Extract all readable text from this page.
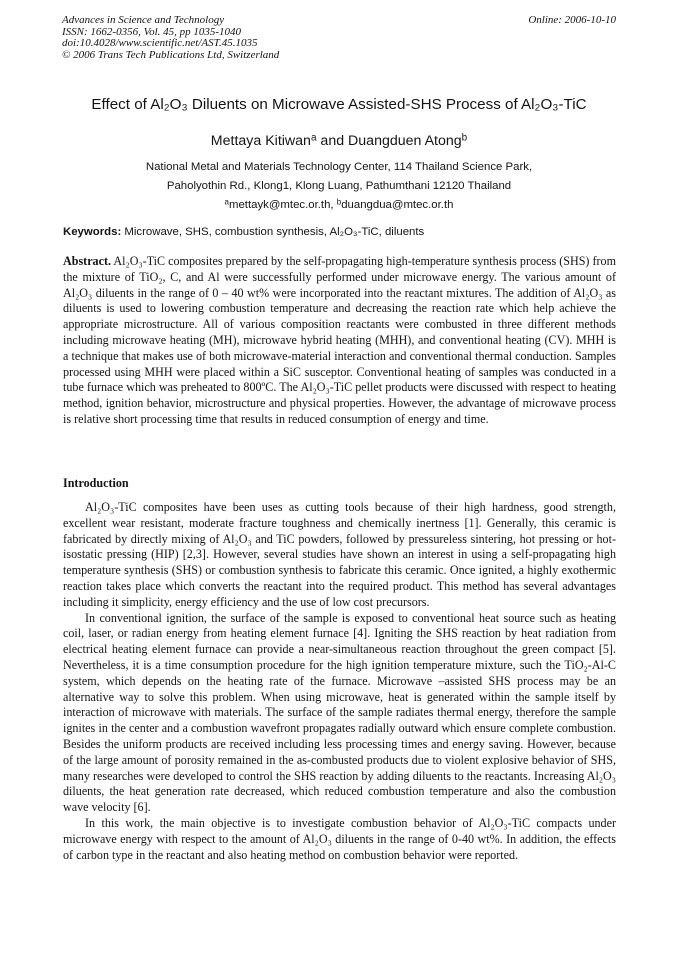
Advances in Science and Technology
ISSN: 1662-0356, Vol. 45, pp 1035-1040
doi:10.4028/www.scientific.net/AST.45.1035
© 2006 Trans Tech Publications Ltd, Switzerland
Online: 2006-10-10
Effect of Al₂O₃ Diluents on Microwave Assisted-SHS Process of Al₂O₃-TiC
Mettaya Kitiwan$^a$ and Duangduen Atong$^b$
National Metal and Materials Technology Center, 114 Thailand Science Park,
Paholyothin Rd., Klong1, Klong Luang, Pathumthani 12120 Thailand
$^a$mettayk@mtec.or.th, $^b$duangdua@mtec.or.th
Keywords: Microwave, SHS, combustion synthesis, Al₂O₃-TiC, diluents

Abstract. Al₂O₃-TiC composites prepared by the self-propagating high-temperature synthesis process (SHS) from the mixture of TiO₂, C, and Al were successfully performed under microwave energy. The various amount of Al₂O₃ diluents in the range of 0 – 40 wt% were incorporated into the reactant mixtures. The addition of Al₂O₃ as diluents is used to lowering combustion temperature and decreasing the reaction rate which help achieve the appropriate microstructure. All of various composition reactants were combusted in three different methods including microwave heating (MH), microwave hybrid heating (MHH), and conventional heating (CV). MHH is a technique that makes use of both microwave-material interaction and conventional thermal conduction. Samples processed using MHH were placed within a SiC susceptor. Conventional heating of samples was conducted in a tube furnace which was preheated to 800ºC. The Al₂O₃-TiC pellet products were discussed with respect to heating method, ignition behavior, microstructure and physical properties. However, the advantage of microwave process is relative short processing time that results in reduced consumption of energy and time.

Introduction

Al₂O₃-TiC composites have been uses as cutting tools because of their high hardness, good strength, excellent wear resistant, moderate fracture toughness and chemically inertness [1]. Generally, this ceramic is fabricated by directly mixing of Al₂O₃ and TiC powders, followed by pressureless sintering, hot pressing or hot-isostatic pressing (HIP) [2,3]. However, several studies have shown an interest in using a self-propagating high temperature synthesis (SHS) or combustion synthesis to fabricate this ceramic. Once ignited, a highly exothermic reaction takes place which converts the reactant into the required product. This method has several advantages including it simplicity, energy efficiency and the use of low cost precursors.

In conventional ignition, the surface of the sample is exposed to conventional heat source such as heating coil, laser, or radian energy from heating element furnace [4]. Igniting the SHS reaction by heat radiation from electrical heating element furnace can provide a near-simultaneous reaction throughout the green compact [5]. Nevertheless, it is a time consumption procedure for the high ignition temperature mixture, such the TiO₂-Al-C system, which depends on the heating rate of the furnace. Microwave –assisted SHS process may be an alternative way to solve this problem. When using microwave, heat is generated within the sample itself by interaction of microwave with materials. The surface of the sample radiates thermal energy, therefore the sample ignites in the center and a combustion wavefront propagates radially outward which ensure complete combustion. Besides the uniform products are received including less processing times and energy saving. However, because of the large amount of porosity remained in the as-combusted products due to violent explosive behavior of SHS, many researches were developed to control the SHS reaction by adding diluents to the reactants. Increasing Al₂O₃ diluents, the heat generation rate decreased, which reduced combustion temperature and also the combustion wave velocity [6].

In this work, the main objective is to investigate combustion behavior of Al₂O₃-TiC compacts under microwave energy with respect to the amount of Al₂O₃ diluents in the range of 0-40 wt%. In addition, the effects of carbon type in the reactant and also heating method on combustion behavior were reported.
